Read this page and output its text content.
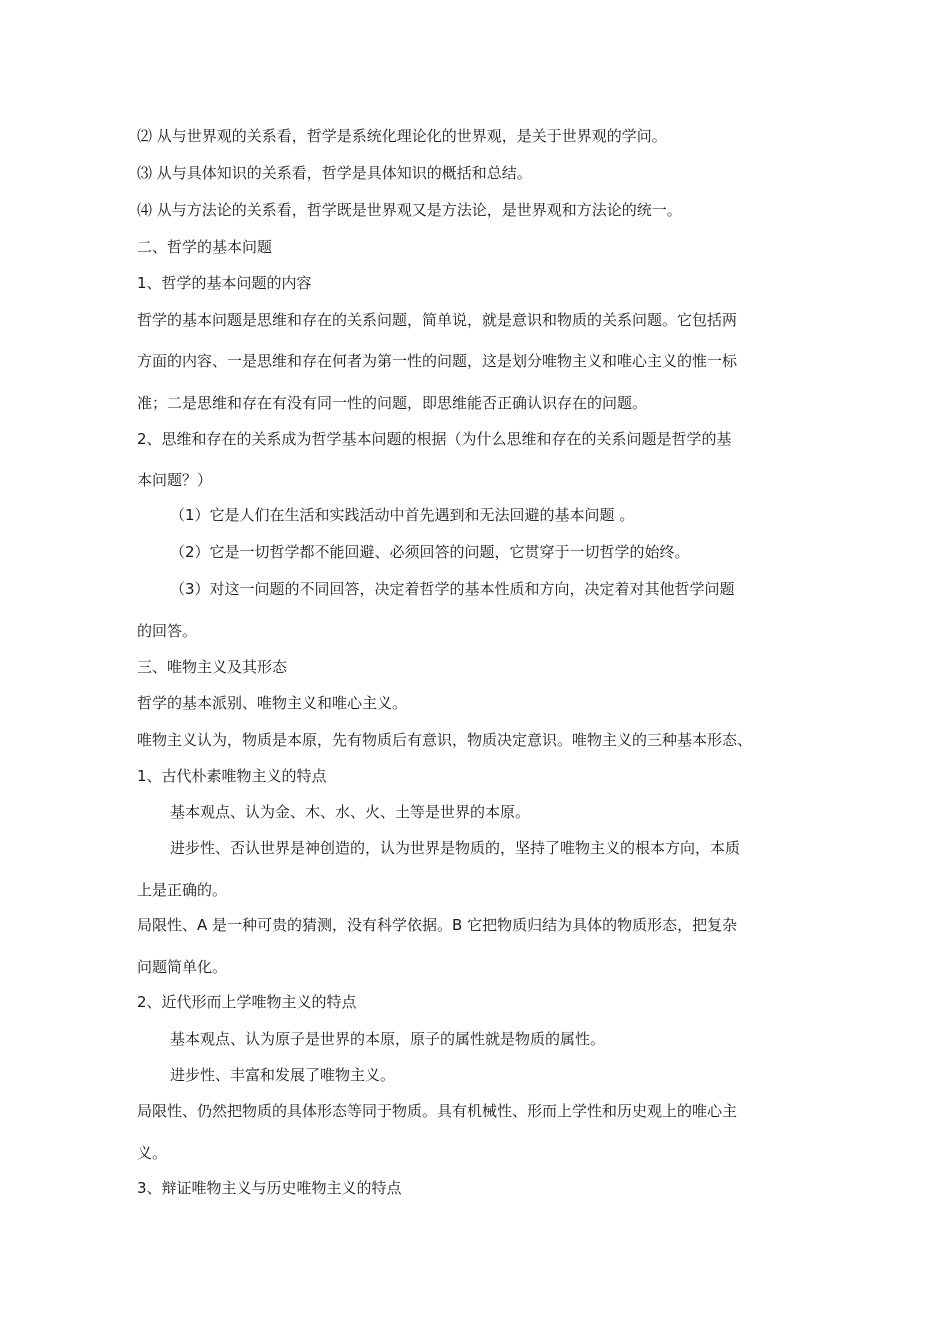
⑵ 从与世界观的关系看，哲学是系统化理论化的世界观，是关于世界观的学问。
⑶ 从与具体知识的关系看，哲学是具体知识的概括和总结。
⑷ 从与方法论的关系看，哲学既是世界观又是方法论，是世界观和方法论的统一。
二、哲学的基本问题
1、哲学的基本问题的内容
哲学的基本问题是思维和存在的关系问题，简单说，就是意识和物质的关系问题。它包括两
方面的内容、一是思维和存在何者为第一性的问题，这是划分唯物主义和唯心主义的惟一标
准；二是思维和存在有没有同一性的问题，即思维能否正确认识存在的问题。
2、思维和存在的关系成为哲学基本问题的根据（为什么思维和存在的关系问题是哲学的基
本问题？）
（1）它是人们在生活和实践活动中首先遇到和无法回避的基本问题 。
（2）它是一切哲学都不能回避、必须回答的问题，它贯穿于一切哲学的始终。
（3）对这一问题的不同回答，决定着哲学的基本性质和方向，决定着对其他哲学问题
的回答。
三、唯物主义及其形态
哲学的基本派别、唯物主义和唯心主义。
唯物主义认为，物质是本原，先有物质后有意识，物质决定意识。唯物主义的三种基本形态、
1、古代朴素唯物主义的特点
基本观点、认为金、木、水、火、土等是世界的本原。
进步性、否认世界是神创造的，认为世界是物质的，坚持了唯物主义的根本方向，本质
上是正确的。
局限性、A 是一种可贵的猜测，没有科学依据。B 它把物质归结为具体的物质形态，把复杂
问题简单化。
2、近代形而上学唯物主义的特点
基本观点、认为原子是世界的本原，原子的属性就是物质的属性。
进步性、丰富和发展了唯物主义。
局限性、仍然把物质的具体形态等同于物质。具有机械性、形而上学性和历史观上的唯心主
义。
3、辩证唯物主义与历史唯物主义的特点
